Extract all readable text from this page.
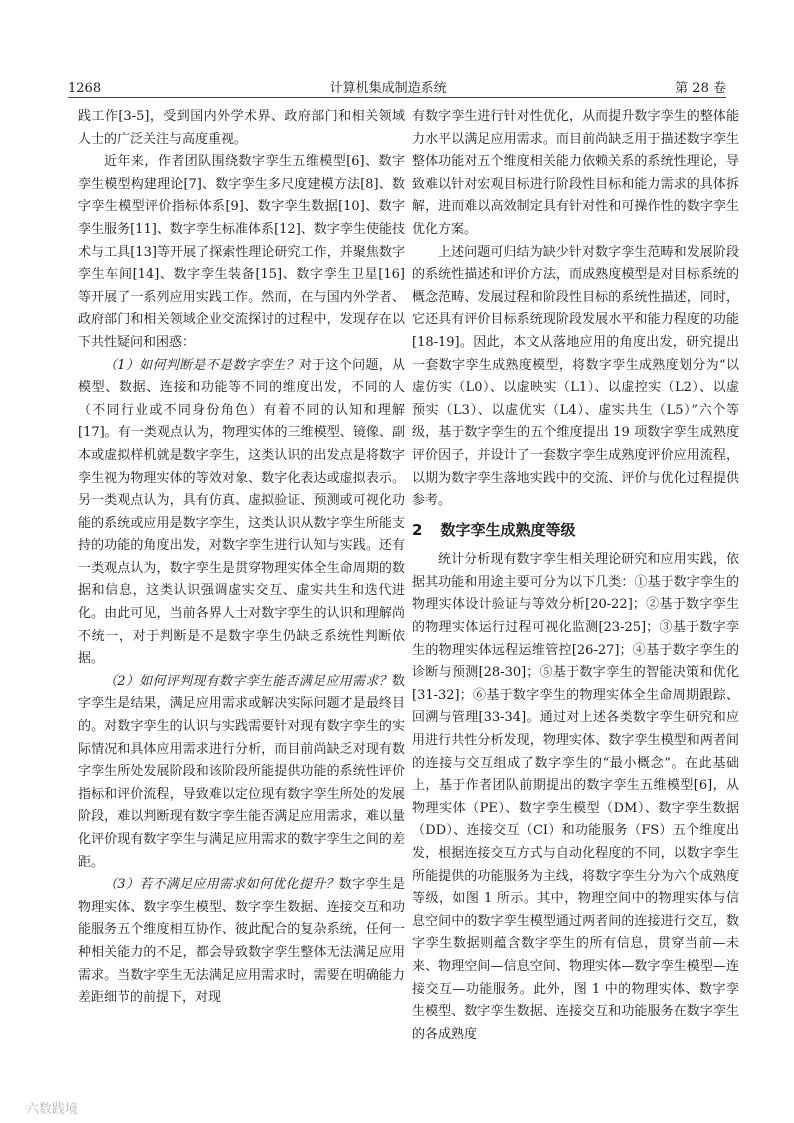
1268	计算机集成制造系统	第 28 卷

践工作[3-5]，受到国内外学术界、政府部门和相关领域人士的广泛关注与高度重视。

近年来，作者团队围绕数字孪生五维模型[6]、数字孪生模型构建理论[7]、数字孪生多尺度建模方法[8]、数字孪生模型评价指标体系[9]、数字孪生数据[10]、数字孪生服务[11]、数字孪生标准体系[12]、数字孪生使能技术与工具[13]等开展了探索性理论研究工作，并聚焦数字孪生车间[14]、数字孪生装备[15]、数字孪生卫星[16]等开展了一系列应用实践工作。然而，在与国内外学者、政府部门和相关领域企业交流探讨的过程中，发现存在以下共性疑问和困惑：

（1）如何判断是不是数字孪生？对于这个问题，从模型、数据、连接和功能等不同的维度出发，不同的人（不同行业或不同身份角色）有着不同的认知和理解[17]。有一类观点认为，物理实体的三维模型、镜像、副本或虚拟样机就是数字孪生，这类认识的出发点是将数字孪生视为物理实体的等效对象、数字化表达或虚拟表示。另一类观点认为，具有仿真、虚拟验证、预测或可视化功能的系统或应用是数字孪生，这类认识从数字孪生所能支持的功能的角度出发，对数字孪生进行认知与实践。还有一类观点认为，数字孪生是贯穿物理实体全生命周期的数据和信息，这类认识强调虚实交互、虚实共生和迭代进化。由此可见，当前各界人士对数字孪生的认识和理解尚不统一，对于判断是不是数字孪生仍缺乏系统性判断依据。

（2）如何评判现有数字孪生能否满足应用需求？数字孪生是结果，满足应用需求或解决实际问题才是最终目的。对数字孪生的认识与实践需要针对现有数字孪生的实际情况和具体应用需求进行分析，而目前尚缺乏对现有数字孪生所处发展阶段和该阶段所能提供功能的系统性评价指标和评价流程，导致难以定位现有数字孪生所处的发展阶段，难以判断现有数字孪生能否满足应用需求，难以量化评价现有数字孪生与满足应用需求的数字孪生之间的差距。

（3）若不满足应用需求如何优化提升？数字孪生是物理实体、数字孪生模型、数字孪生数据、连接交互和功能服务五个维度相互协作、彼此配合的复杂系统，任何一种相关能力的不足，都会导致数字孪生整体无法满足应用需求。当数字孪生无法满足应用需求时，需要在明确能力差距细节的前提下，对现

有数字孪生进行针对性优化，从而提升数字孪生的整体能力水平以满足应用需求。而目前尚缺乏用于描述数字孪生整体功能对五个维度相关能力依赖关系的系统性理论，导致难以针对宏观目标进行阶段性目标和能力需求的具体拆解，进而难以高效制定具有针对性和可操作性的数字孪生优化方案。

上述问题可归结为缺少针对数字孪生范畴和发展阶段的系统性描述和评价方法，而成熟度模型是对目标系统的概念范畴、发展过程和阶段性目标的系统性描述，同时，它还具有评价目标系统现阶段发展水平和能力程度的功能[18-19]。因此，本文从落地应用的角度出发，研究提出一套数字孪生成熟度模型，将数字孪生成熟度划分为“以虚仿实（L0）、以虚映实（L1）、以虚控实（L2）、以虚预实（L3）、以虚优实（L4）、虚实共生（L5）”六个等级，基于数字孪生的五个维度提出 19 项数字孪生成熟度评价因子，并设计了一套数字孪生成熟度评价应用流程，以期为数字孪生落地实践中的交流、评价与优化过程提供参考。

2 数字孪生成熟度等级

统计分析现有数字孪生相关理论研究和应用实践，依据其功能和用途主要可分为以下几类：①基于数字孪生的物理实体设计验证与等效分析[20-22]；②基于数字孪生的物理实体运行过程可视化监测[23-25]；③基于数字孪生的物理实体远程运维管控[26-27]；④基于数字孪生的诊断与预测[28-30]；⑤基于数字孪生的智能决策和优化[31-32]；⑥基于数字孪生的物理实体全生命周期跟踪、回溯与管理[33-34]。通过对上述各类数字孪生研究和应用进行共性分析发现，物理实体、数字孪生模型和两者间的连接与交互组成了数字孪生的“最小概念”。在此基础上，基于作者团队前期提出的数字孪生五维模型[6]，从物理实体（PE）、数字孪生模型（DM）、数字孪生数据（DD）、连接交互（CI）和功能服务（FS）五个维度出发，根据连接交互方式与自动化程度的不同，以数字孪生所能提供的功能服务为主线，将数字孪生分为六个成熟度等级，如图 1 所示。其中，物理空间中的物理实体与信息空间中的数字孪生模型通过两者间的连接进行交互，数字孪生数据则蕴含数字孪生的所有信息，贯穿当前—未来、物理空间—信息空间、物理实体—数字孪生模型—连接交互—功能服务。此外，图 1 中的物理实体、数字孪生模型、数字孪生数据、连接交互和功能服务在数字孪生的各成熟度

六数践境
